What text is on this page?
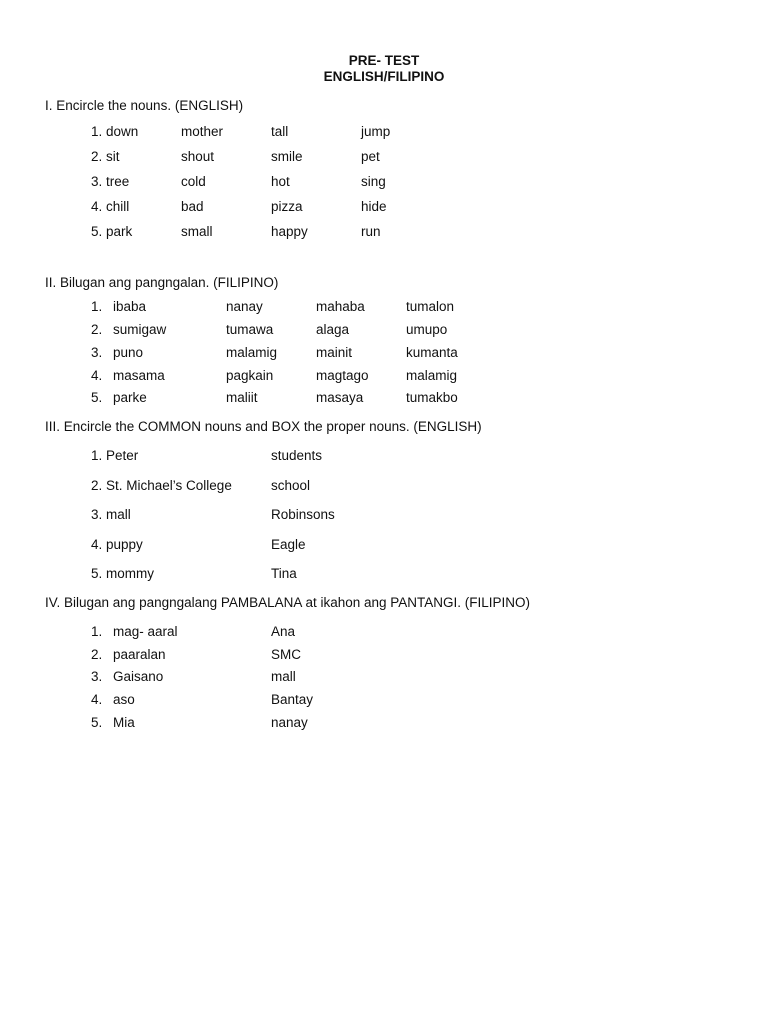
PRE- TEST
ENGLISH/FILIPINO
I. Encircle the nouns. (ENGLISH)
1. down	mother	tall	jump
2. sit	shout	smile	pet
3. tree	cold	hot	sing
4. chill	bad	pizza	hide
5. park	small	happy	run
II. Bilugan ang pangngalan. (FILIPINO)
1. ibaba	nanay	mahaba	tumalon
2. sumigaw	tumawa	alaga	umupo
3. puno	malamig	mainit	kumanta
4. masama	pagkain	magtago	malamig
5. parke	maliit	masaya	tumakbo
III. Encircle the COMMON nouns and BOX the proper nouns. (ENGLISH)
1. Peter	students
2. St. Michael’s College	school
3. mall	Robinsons
4. puppy	Eagle
5. mommy	Tina
IV. Bilugan ang pangngalang PAMBALANA at ikahon ang PANTANGI. (FILIPINO)
1. mag- aaral	Ana
2. paaralan	SMC
3. Gaisano	mall
4. aso	Bantay
5. Mia	nanay
